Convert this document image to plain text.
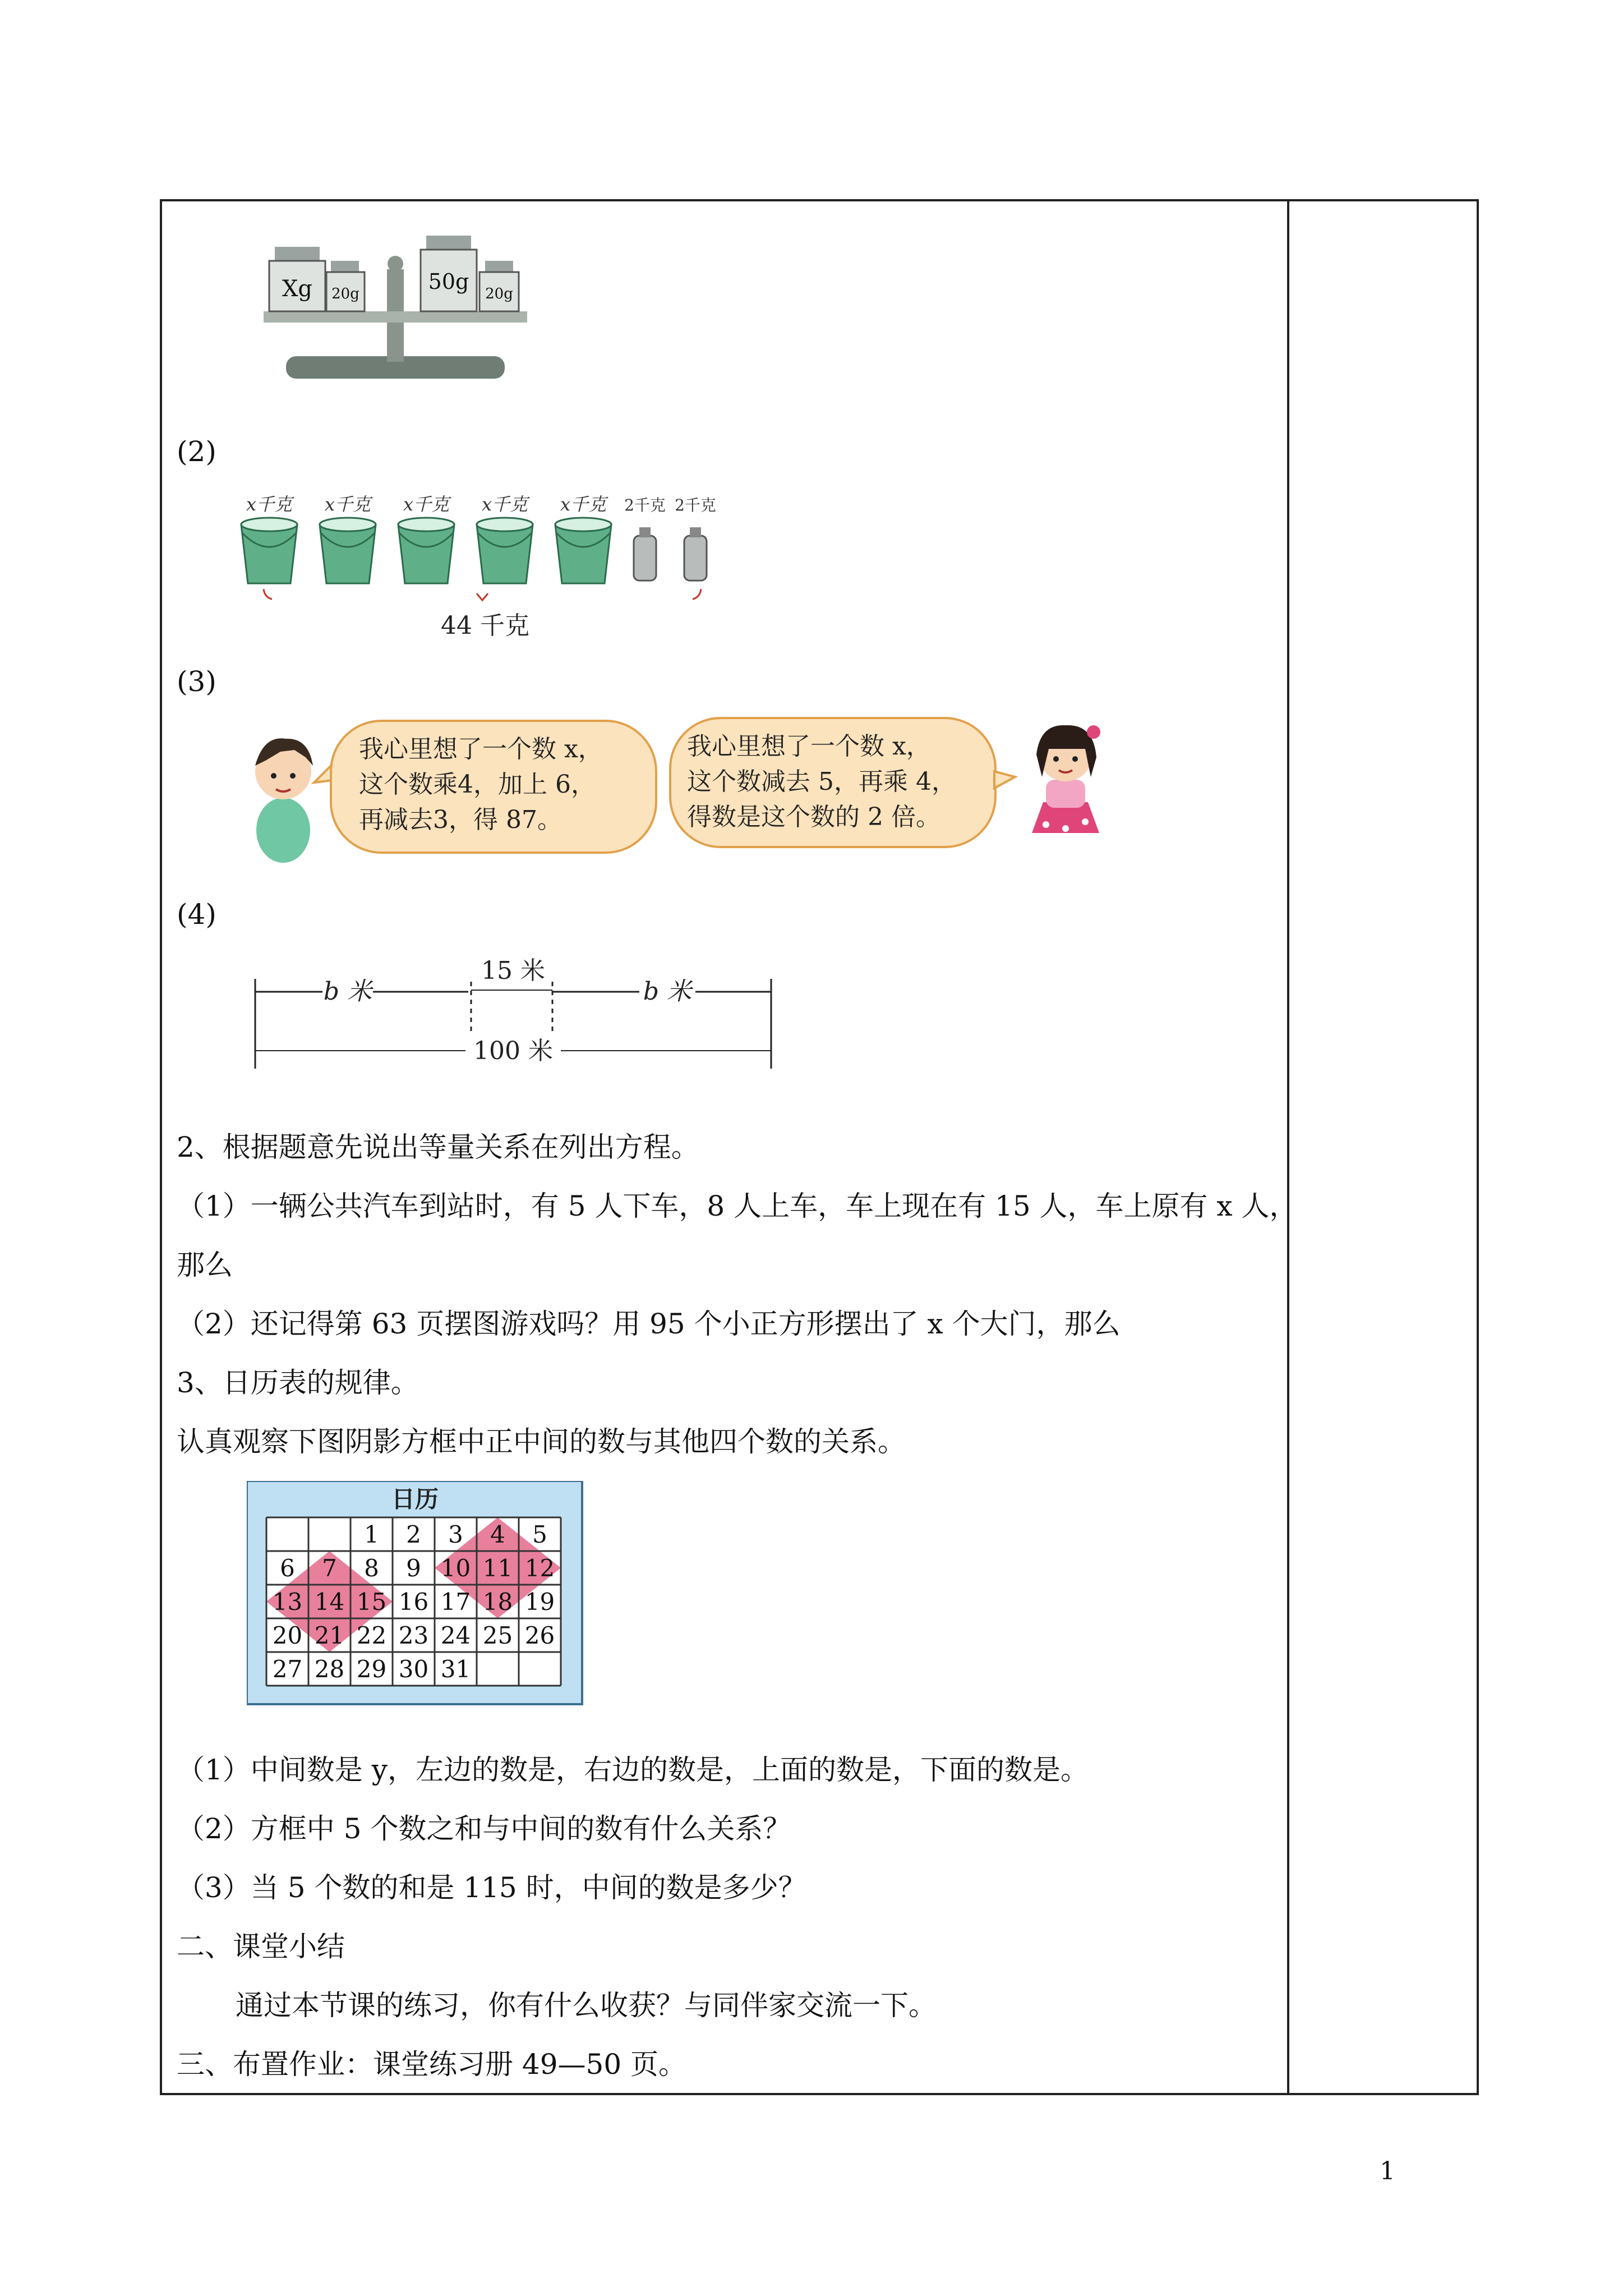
Xg 20g	50g 20g
(2)
x千克 x千克 x千克 x千克 x千克 2千克 2千克
44 千克
(3)
我心里想了一个数 x，
这个数乘4，加上 6，
再减去3，得 87。
我心里想了一个数 x，
这个数减去 5，再乘 4，
得数是这个数的 2 倍。
(4)
b 米
15 米
b 米
100 米
2、根据题意先说出等量关系在列出方程。
（1）一辆公共汽车到站时，有 5 人下车，8 人上车，车上现在有 15 人，车上原有 x 人，
那么
（2）还记得第 63 页摆图游戏吗？用 95 个小正方形摆出了 x 个大门，那么
3、日历表的规律。
认真观察下图阴影方框中正中间的数与其他四个数的关系。
日历
1 2 3 4 5
6 7 8 9 10 11 12
13 14 15 16 17 18 19
20 21 22 23 24 25 26
27 28 29 30 31
（1）中间数是 y，左边的数是，右边的数是，上面的数是，下面的数是。
（2）方框中 5 个数之和与中间的数有什么关系？
（3）当 5 个数的和是 115 时，中间的数是多少？
二、课堂小结
通过本节课的练习，你有什么收获？与同伴家交流一下。
三、布置作业：课堂练习册 49—50 页。
1
